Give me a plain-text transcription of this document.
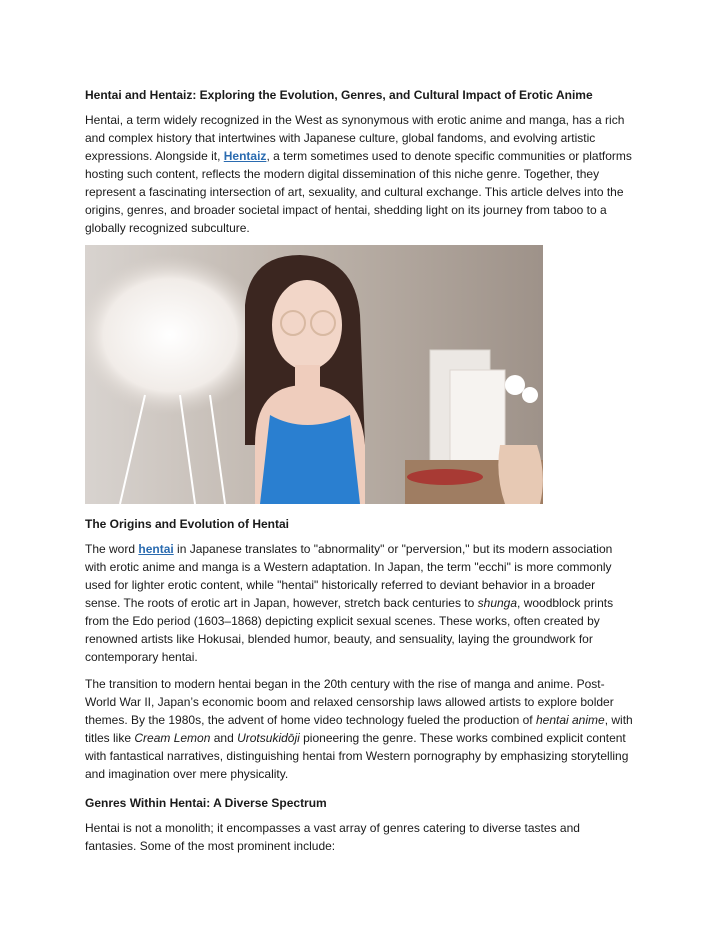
Hentai and Hentaiz: Exploring the Evolution, Genres, and Cultural Impact of Erotic Anime

Hentai, a term widely recognized in the West as synonymous with erotic anime and manga, has a rich and complex history that intertwines with Japanese culture, global fandoms, and evolving artistic expressions. Alongside it, Hentaiz, a term sometimes used to denote specific communities or platforms hosting such content, reflects the modern digital dissemination of this niche genre. Together, they represent a fascinating intersection of art, sexuality, and cultural exchange. This article delves into the origins, genres, and broader societal impact of hentai, shedding light on its journey from taboo to a globally recognized subculture.

The Origins and Evolution of Hentai

The word hentai in Japanese translates to "abnormality" or "perversion," but its modern association with erotic anime and manga is a Western adaptation. In Japan, the term "ecchi" is more commonly used for lighter erotic content, while "hentai" historically referred to deviant behavior in a broader sense. The roots of erotic art in Japan, however, stretch back centuries to shunga, woodblock prints from the Edo period (1603–1868) depicting explicit sexual scenes. These works, often created by renowned artists like Hokusai, blended humor, beauty, and sensuality, laying the groundwork for contemporary hentai.

The transition to modern hentai began in the 20th century with the rise of manga and anime. Post-World War II, Japan’s economic boom and relaxed censorship laws allowed artists to explore bolder themes. By the 1980s, the advent of home video technology fueled the production of hentai anime, with titles like Cream Lemon and Urotsukidōji pioneering the genre. These works combined explicit content with fantastical narratives, distinguishing hentai from Western pornography by emphasizing storytelling and imagination over mere physicality.

Genres Within Hentai: A Diverse Spectrum

Hentai is not a monolith; it encompasses a vast array of genres catering to diverse tastes and fantasies. Some of the most prominent include:
